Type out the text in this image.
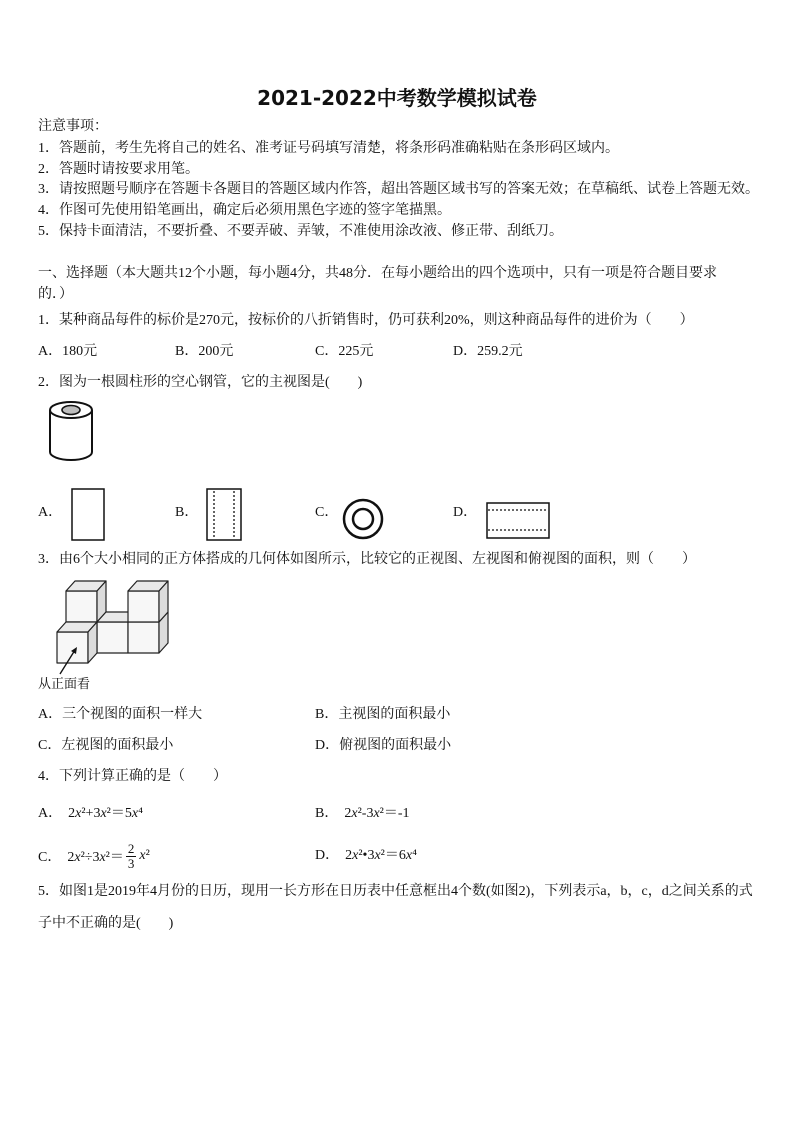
2021-2022中考数学模拟试卷
注意事项：
1．答题前，考生先将自己的姓名、准考证号码填写清楚，将条形码准确粘贴在条形码区域内。
2．答题时请按要求用笔。
3．请按照题号顺序在答题卡各题目的答题区域内作答，超出答题区域书写的答案无效；在草稿纸、试卷上答题无效。
4．作图可先使用铅笔画出，确定后必须用黑色字迹的签字笔描黑。
5．保持卡面清洁，不要折叠、不要弄破、弄皱，不准使用涂改液、修正带、刮纸刀。
一、选择题（本大题共12个小题，每小题4分，共48分．在每小题给出的四个选项中，只有一项是符合题目要求的．）
1．某种商品每件的标价是270元，按标价的八折销售时，仍可获利20%，则这种商品每件的进价为（　　）
A．180元	B．200元	C．225元	D．259.2元
2．图为一根圆柱形的空心钢管，它的主视图是(　　)
A．	B．	C．	D．
3．由6个大小相同的正方体搭成的几何体如图所示，比较它的正视图、左视图和俯视图的面积，则（　　）
从正面看
A．三个视图的面积一样大	B．主视图的面积最小
C．左视图的面积最小	D．俯视图的面积最小
4．下列计算正确的是（　　）
A． 2x²+3x²＝5x⁴	B． 2x²-3x²＝-1
C． $2x^2\div 3x^2= \frac{2}{3} x^2$	D． 2x²•3x²＝6x⁴
5．如图1是2019年4月份的日历，现用一长方形在日历表中任意框出4个数(如图2)，下列表示a，b，c，d之间关系的式子中不正确的是(　　)
